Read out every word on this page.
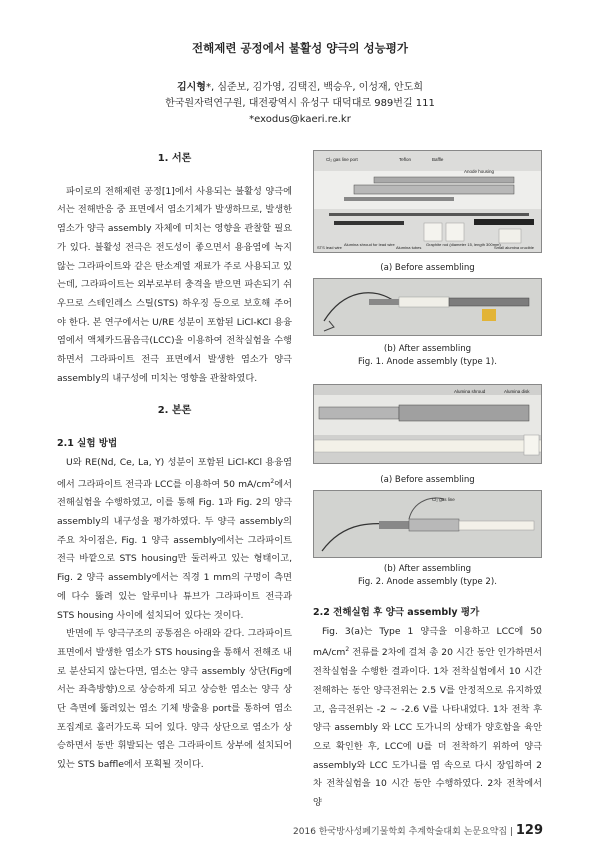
전해제련 공정에서 불활성 양극의 성능평가
김시형*, 심준보, 김가영, 김택진, 백승우, 이성재, 안도희
한국원자력연구원, 대전광역시 유성구 대덕대로 989번길 111
*exodus@kaeri.re.kr

1. 서론

파이로의 전해제련 공정[1]에서 사용되는 불활성 양극에서는 전해반응 중 표면에서 염소기체가 발생하므로, 발생한 염소가 양극 assembly 자체에 미치는 영향을 관찰할 필요가 있다. 불활성 전극은 전도성이 좋으면서 용융염에 녹지 않는 그라파이트와 같은 탄소계열 재료가 주로 사용되고 있는데, 그라파이트는 외부로부터 충격을 받으면 파손되기 쉬우므로 스테인레스 스틸(STS) 하우징 등으로 보호해 주어야 한다. 본 연구에서는 U/RE 성분이 포함된 LiCl-KCl 용융염에서 액체카드뮴음극(LCC)을 이용하여 전착실험을 수행하면서 그라파이트 전극 표면에서 발생한 염소가 양극 assembly의 내구성에 미치는 영향을 관찰하였다.

2. 본론

2.1 실험 방법

U와 RE(Nd, Ce, La, Y) 성분이 포함된 LiCl-KCl 용융염에서 그라파이트 전극과 LCC를 이용하여 50 $mA/cm^2$에서 전해실험을 수행하였고, 이를 통해 Fig. 1과 Fig. 2의 양극 assembly의 내구성을 평가하였다. 두 양극 assembly의 주요 차이점은, Fig. 1 양극 assembly에서는 그라파이트 전극 바깥으로 STS housing만 둘러싸고 있는 형태이고, Fig. 2 양극 assembly에서는 직경 1 mm의 구멍이 측면에 다수 뚫려 있는 알루미나 튜브가 그라파이트 전극과 STS housing 사이에 설치되어 있다는 것이다.

반면에 두 양극구조의 공통점은 아래와 같다. 그라파이트 표면에서 발생한 염소가 STS housing을 통해서 전해조 내로 분산되지 않는다면, 염소는 양극 assembly 상단(Fig에서는 좌측방향)으로 상승하게 되고 상승한 염소는 양극 상단 측면에 뚫려있는 염소 기체 방출용 port를 통하여 염소포집계로 흘러가도록 되어 있다. 양극 상단으로 염소가 상승하면서 동반 휘발되는 염은 그라파이트 상부에 설치되어 있는 STS baffle에서 포획될 것이다.

Cl₂ gas line port	Teflon	Baffle
Anode housing
STS lead wire
Alumina shroud for lead wire
Alumina tubes
Graphite rod (diameter 15, length 300mm)
Small alumina crucible
(a) Before assembling
(b) After assembling
Fig. 1. Anode assembly (type 1).
Alumina shroud	Alumina disk
(a) Before assembling
Cl₂ gas line
(b) After assembling
Fig. 2. Anode assembly (type 2).

2.2 전해실험 후 양극 assembly 평가

Fig. 3(a)는 Type 1 양극을 이용하고 LCC에 50 $mA/cm^2$ 전류를 2차에 걸쳐 총 20 시간 동안 인가하면서 전착실험을 수행한 결과이다. 1차 전착실험에서 10 시간 전해하는 동안 양극전위는 2.5 V를 안정적으로 유지하였고, 음극전위는 -2 ~ -2.6 V를 나타내었다. 1차 전착 후 양극 assembly 와 LCC 도가니의 상태가 양호함을 육안으로 확인한 후, LCC에 U를 더 전착하기 위하여 양극 assembly와 LCC 도가니를 염 속으로 다시 장입하여 2차 전착실험을 10 시간 동안 수행하였다. 2차 전착에서 양

2016 한국방사성폐기물학회 추계학술대회 논문요약집 | 129
